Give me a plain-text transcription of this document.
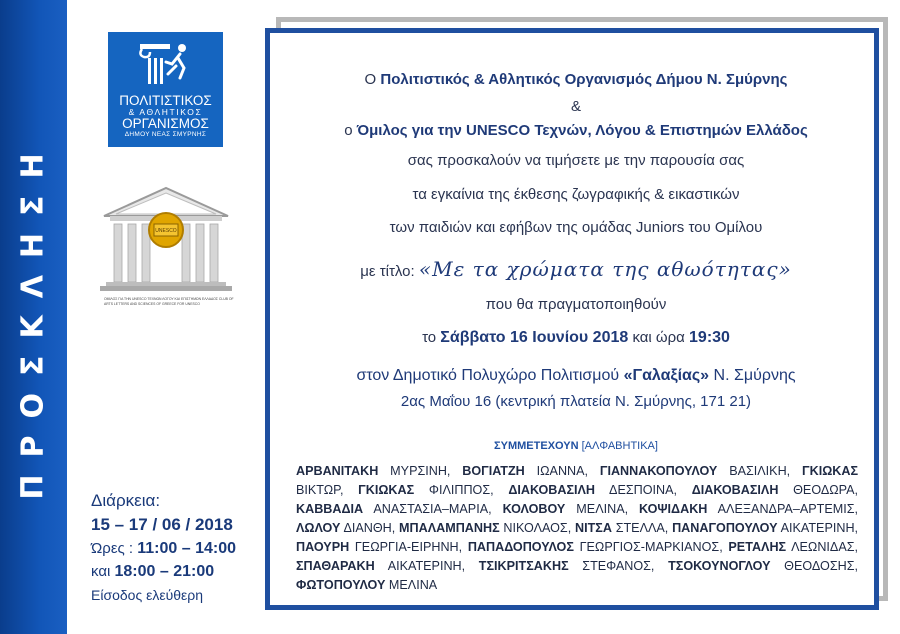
ΠΡΟΣΚΛΗΣΗ
ΠΟΛΙΤΙΣΤΙΚΟΣ
& ΑΘΛΗΤΙΚΟΣ
ΟΡΓΑΝΙΣΜΟΣ
ΔΗΜΟΥ ΝΕΑΣ ΣΜΥΡΝΗΣ
UNESCO
ΟΜΙΛΟΣ ΓΙΑ ΤΗΝ UNESCO ΤΕΧΝΩΝ ΛΟΓΟΥ ΚΑΙ ΕΠΙΣΤΗΜΩΝ ΕΛΛΑΔΟΣ CLUB OF ARTS LETTERS AND SCIENCES OF GREECE FOR UNESCO
Διάρκεια:
15 – 17 / 06 / 2018
Ώρες : 11:00 – 14:00
και 18:00 – 21:00
Είσοδος ελεύθερη
Ο Πολιτιστικός & Αθλητικός Οργανισμός Δήμου Ν. Σμύρνης
&
ο Όμιλος για την UNESCO Τεχνών, Λόγου & Επιστημών Ελλάδος
σας προσκαλούν να τιμήσετε με την παρουσία σας
τα εγκαίνια της έκθεσης ζωγραφικής & εικαστικών
των παιδιών και εφήβων της ομάδας Juniors του Ομίλου
με τίτλο: «Με τα χρώματα της αθωότητας»
που θα πραγματοποιηθούν
το Σάββατο 16 Ιουνίου 2018 και ώρα 19:30
στον Δημοτικό Πολυχώρο Πολιτισμού «Γαλαξίας» Ν. Σμύρνης
2ας Μαΐου 16 (κεντρική πλατεία Ν. Σμύρνης, 171 21)
ΣΥΜΜΕΤΕΧΟΥΝ [ΑΛΦΑΒΗΤΙΚΑ]
ΑΡΒΑΝΙΤΑΚΗ ΜΥΡΣΙΝΗ, ΒΟΓΙΑΤΖΗ ΙΩΑΝΝΑ, ΓΙΑΝΝΑΚΟΠΟΥΛΟΥ ΒΑΣΙΛΙΚΗ, ΓΚΙΩΚΑΣ ΒΙΚΤΩΡ, ΓΚΙΩΚΑΣ ΦΙΛΙΠΠΟΣ, ΔΙΑΚΟΒΑΣΙΛΗ ΔΕΣΠΟΙΝΑ, ΔΙΑΚΟΒΑΣΙΛΗ ΘΕΟΔΩΡΑ, ΚΑΒΒΑΔΙΑ ΑΝΑΣΤΑΣΙΑ–ΜΑΡΙΑ, ΚΟΛΟΒΟΥ ΜΕΛΙΝΑ, ΚΟΨΙΔΑΚΗ ΑΛΕΞΑΝΔΡΑ–ΑΡΤΕΜΙΣ, ΛΩΛΟΥ ΔΙΑΝΘΗ, ΜΠΑΛΑΜΠΑΝΗΣ ΝΙΚΟΛΑΟΣ, ΝΙΤΣΑ ΣΤΕΛΛΑ, ΠΑΝΑΓΟΠΟΥΛΟΥ ΑΙΚΑΤΕΡΙΝΗ, ΠΑΟΥΡΗ ΓΕΩΡΓΙΑ-ΕΙΡΗΝΗ, ΠΑΠΑΔΟΠΟΥΛΟΣ ΓΕΩΡΓΙΟΣ-ΜΑΡΚΙΑΝΟΣ, ΡΕΤΑΛΗΣ ΛΕΩΝΙΔΑΣ, ΣΠΑΘΑΡΑΚΗ ΑΙΚΑΤΕΡΙΝΗ, ΤΣΙΚΡΙΤΣΑΚΗΣ ΣΤΕΦΑΝΟΣ, ΤΣΟΚΟΥΝΟΓΛΟΥ ΘΕΟΔΟΣΗΣ, ΦΩΤΟΠΟΥΛΟΥ ΜΕΛΙΝΑ
